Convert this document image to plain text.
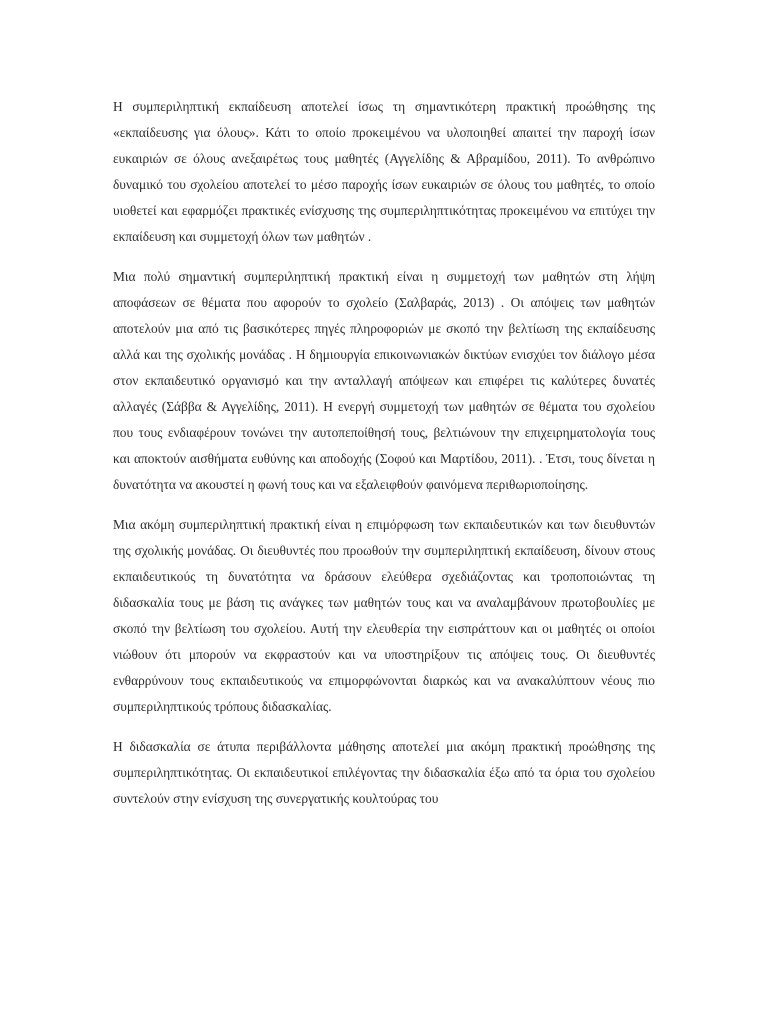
Η συμπεριληπτική εκπαίδευση αποτελεί ίσως τη σημαντικότερη πρακτική προώθησης της «εκπαίδευσης για όλους». Κάτι το οποίο προκειμένου να υλοποιηθεί απαιτεί την παροχή ίσων ευκαιριών σε όλους ανεξαιρέτως τους μαθητές (Αγγελίδης & Αβραμίδου, 2011). Το ανθρώπινο δυναμικό του σχολείου αποτελεί το μέσο παροχής ίσων ευκαιριών σε όλους του μαθητές, το οποίο υιοθετεί και εφαρμόζει πρακτικές ενίσχυσης της συμπεριληπτικότητας προκειμένου να επιτύχει την εκπαίδευση και συμμετοχή όλων των μαθητών .

Μια πολύ σημαντική συμπεριληπτική πρακτική είναι η συμμετοχή των μαθητών στη λήψη αποφάσεων σε θέματα που αφορούν το σχολείο (Σαλβαράς, 2013) . Οι απόψεις των μαθητών αποτελούν μια από τις βασικότερες πηγές πληροφοριών με σκοπό την βελτίωση της εκπαίδευσης αλλά και της σχολικής μονάδας . Η δημιουργία επικοινωνιακών δικτύων ενισχύει τον διάλογο μέσα στον εκπαιδευτικό οργανισμό και την ανταλλαγή απόψεων και επιφέρει τις καλύτερες δυνατές αλλαγές (Σάββα & Αγγελίδης, 2011). Η ενεργή συμμετοχή των μαθητών σε θέματα του σχολείου που τους ενδιαφέρουν τονώνει την αυτοπεποίθησή τους, βελτιώνουν την επιχειρηματολογία τους και αποκτούν αισθήματα ευθύνης και αποδοχής (Σοφού και Μαρτίδου, 2011). . Έτσι, τους δίνεται η δυνατότητα να ακουστεί η φωνή τους και να εξαλειφθούν φαινόμενα περιθωριοποίησης.

Μια ακόμη συμπεριληπτική πρακτική είναι η επιμόρφωση των εκπαιδευτικών και των διευθυντών της σχολικής μονάδας. Οι διευθυντές που προωθούν την συμπεριληπτική εκπαίδευση, δίνουν στους εκπαιδευτικούς τη δυνατότητα να δράσουν ελεύθερα σχεδιάζοντας και τροποποιώντας τη διδασκαλία τους με βάση τις ανάγκες των μαθητών τους και να αναλαμβάνουν πρωτοβουλίες με σκοπό την βελτίωση του σχολείου. Αυτή την ελευθερία την εισπράττουν και οι μαθητές οι οποίοι νιώθουν ότι μπορούν να εκφραστούν και να υποστηρίξουν τις απόψεις τους. Οι διευθυντές ενθαρρύνουν τους εκπαιδευτικούς να επιμορφώνονται διαρκώς και να ανακαλύπτουν νέους πιο συμπεριληπτικούς τρόπους διδασκαλίας.

Η διδασκαλία σε άτυπα περιβάλλοντα μάθησης αποτελεί μια ακόμη πρακτική προώθησης της συμπεριληπτικότητας. Οι εκπαιδευτικοί επιλέγοντας την διδασκαλία έξω από τα όρια του σχολείου συντελούν στην ενίσχυση της συνεργατικής κουλτούρας του
